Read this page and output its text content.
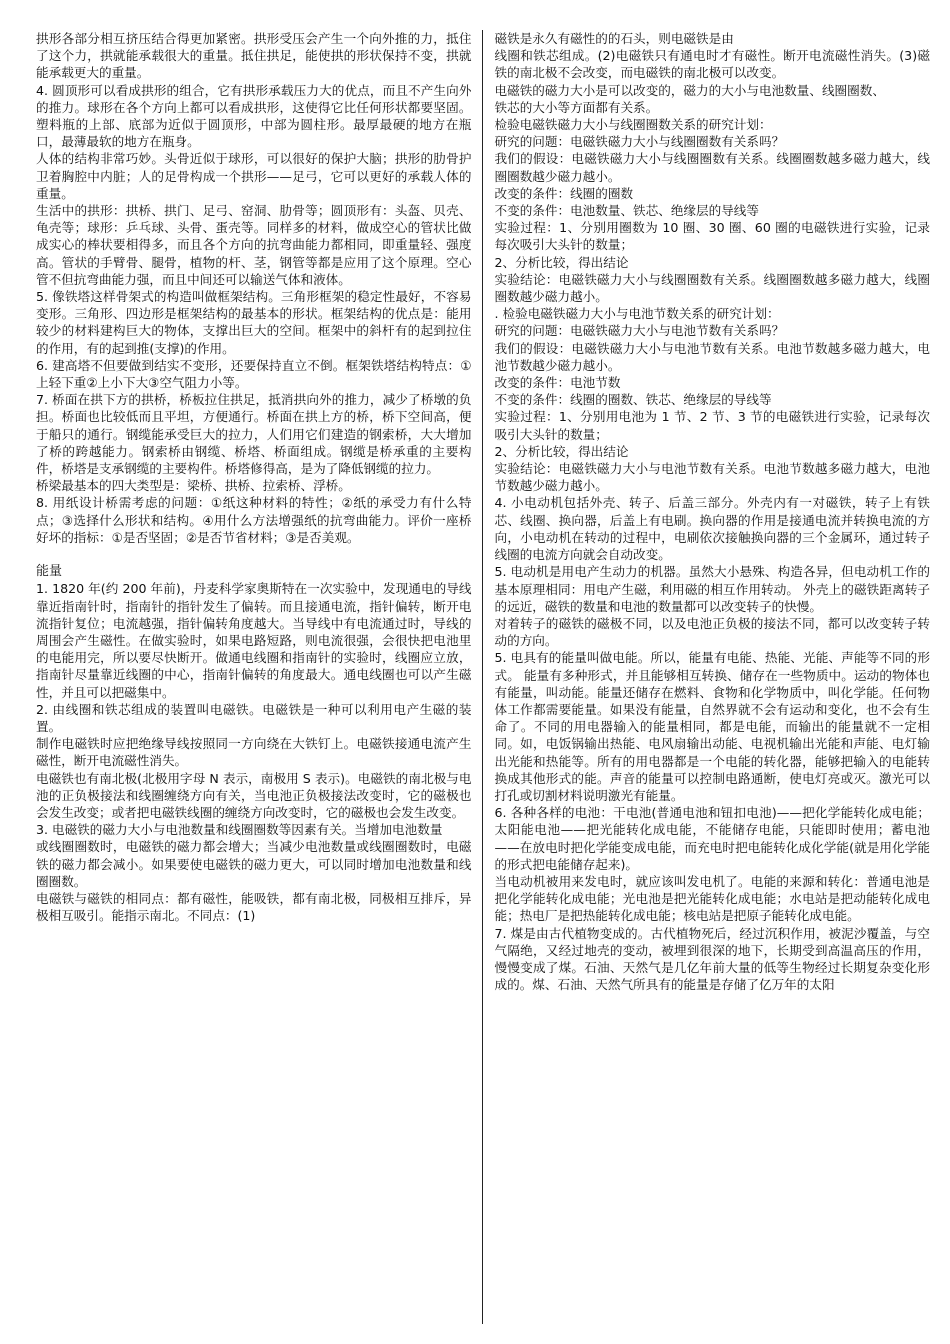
拱形各部分相互挤压结合得更加紧密。拱形受压会产生一个向外推的力，抵住了这个力，拱就能承载很大的重量。抵住拱足，能使拱的形状保持不变，拱就能承载更大的重量。

4. 圆顶形可以看成拱形的组合，它有拱形承载压力大的优点，而且不产生向外的推力。球形在各个方向上都可以看成拱形，这使得它比任何形状都要坚固。塑料瓶的上部、底部为近似于圆顶形，中部为圆柱形。最厚最硬的地方在瓶口，最薄最软的地方在瓶身。

人体的结构非常巧妙。头骨近似于球形，可以很好的保护大脑；拱形的肋骨护卫着胸腔中内脏；人的足骨构成一个拱形——足弓，它可以更好的承载人体的重量。

生活中的拱形：拱桥、拱门、足弓、窑洞、肋骨等；圆顶形有：头盔、贝壳、龟壳等；球形：乒乓球、头骨、蛋壳等。同样多的材料，做成空心的管状比做成实心的棒状要相得多，而且各个方向的抗弯曲能力都相同，即重量轻、强度高。管状的手臂骨、腿骨，植物的杆、茎，钢管等都是应用了这个原理。空心管不但抗弯曲能力强，而且中间还可以输送气体和液体。

5. 像铁塔这样骨架式的构造叫做框架结构。三角形框架的稳定性最好，不容易变形。三角形、四边形是框架结构的最基本的形状。框架结构的优点是：能用较少的材料建构巨大的物体，支撑出巨大的空间。框架中的斜杆有的起到拉住的作用，有的起到推(支撑)的作用。

6. 建高塔不但要做到结实不变形，还要保持直立不倒。框架铁塔结构特点：①上轻下重②上小下大③空气阻力小等。

7. 桥面在拱下方的拱桥，桥板拉住拱足，抵消拱向外的推力，减少了桥墩的负担。桥面也比较低而且平坦，方便通行。桥面在拱上方的桥，桥下空间高，便于船只的通行。钢缆能承受巨大的拉力，人们用它们建造的钢索桥，大大增加了桥的跨越能力。钢索桥由钢缆、桥塔、桥面组成。钢缆是桥承重的主要构件，桥塔是支承钢缆的主要构件。桥塔修得高，是为了降低钢缆的拉力。

桥梁最基本的四大类型是：梁桥、拱桥、拉索桥、浮桥。

8. 用纸设计桥需考虑的问题：①纸这种材料的特性；②纸的承受力有什么特点；③选择什么形状和结构。④用什么方法增强纸的抗弯曲能力。评价一座桥好坏的指标：①是否坚固；②是否节省材料；③是否美观。

能量

1. 1820 年(约 200 年前)，丹麦科学家奥斯特在一次实验中，发现通电的导线靠近指南针时，指南针的指针发生了偏转。而且接通电流，指针偏转，断开电流指针复位；电流越强，指针偏转角度越大。当导线中有电流通过时，导线的周围会产生磁性。在做实验时，如果电路短路，则电流很强，会很快把电池里的电能用完，所以要尽快断开。做通电线圈和指南针的实验时，线圈应立放，指南针尽量靠近线圈的中心，指南针偏转的角度最大。通电线圈也可以产生磁性，并且可以把磁集中。

2. 由线圈和铁芯组成的装置叫电磁铁。电磁铁是一种可以利用电产生磁的装置。

制作电磁铁时应把绝缘导线按照同一方向绕在大铁钉上。电磁铁接通电流产生磁性，断开电流磁性消失。

电磁铁也有南北极(北极用字母 N 表示，南极用 S 表示)。电磁铁的南北极与电池的正负极接法和线圈缠绕方向有关，当电池正负极接法改变时，它的磁极也会发生改变；或者把电磁铁线圈的缠绕方向改变时，它的磁极也会发生改变。

3. 电磁铁的磁力大小与电池数量和线圈圈数等因素有关。当增加电池数量

或线圈圈数时，电磁铁的磁力都会增大；当减少电池数量或线圈圈数时，电磁铁的磁力都会减小。如果要使电磁铁的磁力更大，可以同时增加电池数量和线圈圈数。

电磁铁与磁铁的相同点：都有磁性，能吸铁，都有南北极，同极相互排斥，异极相互吸引。能指示南北。不同点：(1)

磁铁是永久有磁性的的石头，则电磁铁是由

线圈和铁芯组成。(2)电磁铁只有通电时才有磁性。断开电流磁性消失。(3)磁铁的南北极不会改变，而电磁铁的南北极可以改变。

电磁铁的磁力大小是可以改变的，磁力的大小与电池数量、线圈圈数、

铁芯的大小等方面都有关系。

检验电磁铁磁力大小与线圈圈数关系的研究计划：

研究的问题：电磁铁磁力大小与线圈圈数有关系吗？

我们的假设：电磁铁磁力大小与线圈圈数有关系。线圈圈数越多磁力越大，线圈圈数越少磁力越小。

改变的条件：线圈的圈数

不变的条件：电池数量、铁芯、绝缘层的导线等

实验过程：1、分别用圈数为 10 圈、30 圈、60 圈的电磁铁进行实验，记录每次吸引大头针的数量；

2、分析比较，得出结论

实验结论：电磁铁磁力大小与线圈圈数有关系。线圈圈数越多磁力越大，线圈圈数越少磁力越小。

. 检验电磁铁磁力大小与电池节数关系的研究计划：

研究的问题：电磁铁磁力大小与电池节数有关系吗？

我们的假设：电磁铁磁力大小与电池节数有关系。电池节数越多磁力越大，电池节数越少磁力越小。

改变的条件：电池节数

不变的条件：线圈的圈数、铁芯、绝缘层的导线等

实验过程：1、分别用电池为 1 节、2 节、3 节的电磁铁进行实验，记录每次吸引大头针的数量；

2、分析比较，得出结论

实验结论：电磁铁磁力大小与电池节数有关系。电池节数越多磁力越大，电池节数越少磁力越小。

4. 小电动机包括外壳、转子、后盖三部分。外壳内有一对磁铁，转子上有铁芯、线圈、换向器，后盖上有电刷。换向器的作用是接通电流并转换电流的方向，小电动机在转动的过程中，电刷依次接触换向器的三个金属环，通过转子线圈的电流方向就会自动改变。

5. 电动机是用电产生动力的机器。虽然大小悬殊、构造各异，但电动机工作的基本原理相同：用电产生磁，利用磁的相互作用转动。 外壳上的磁铁距离转子的远近，磁铁的数量和电池的数量都可以改变转子的快慢。

对着转子的磁铁的磁极不同，以及电池正负极的接法不同，都可以改变转子转动的方向。

5. 电具有的能量叫做电能。所以，能量有电能、热能、光能、声能等不同的形式。 能量有多种形式，并且能够相互转换、储存在一些物质中。运动的物体也有能量，叫动能。能量还储存在燃料、食物和化学物质中，叫化学能。任何物体工作都需要能量。如果没有能量，自然界就不会有运动和变化，也不会有生命了。不同的用电器输入的能量相同，都是电能，而输出的能量就不一定相同。如，电饭锅输出热能、电风扇输出动能、电视机输出光能和声能、电灯输出光能和热能等。所有的用电器都是一个电能的转化器，能够把输入的电能转换成其他形式的能。声音的能量可以控制电路通断，使电灯亮或灭。激光可以打孔或切割材料说明激光有能量。

6. 各种各样的电池：干电池(普通电池和钮扣电池)——把化学能转化成电能；太阳能电池——把光能转化成电能，不能储存电能，只能即时使用；蓄电池——在放电时把化学能变成电能，而充电时把电能转化成化学能(就是用化学能的形式把电能储存起来)。

当电动机被用来发电时，就应该叫发电机了。电能的来源和转化：普通电池是把化学能转化成电能；光电池是把光能转化成电能；水电站是把动能转化成电能；热电厂是把热能转化成电能；核电站是把原子能转化成电能。

7. 煤是由古代植物变成的。古代植物死后，经过沉积作用，被泥沙覆盖，与空气隔绝，又经过地壳的变动，被埋到很深的地下，长期受到高温高压的作用，慢慢变成了煤。石油、天然气是几亿年前大量的低等生物经过长期复杂变化形成的。煤、石油、天然气所具有的能量是存储了亿万年的太阳
